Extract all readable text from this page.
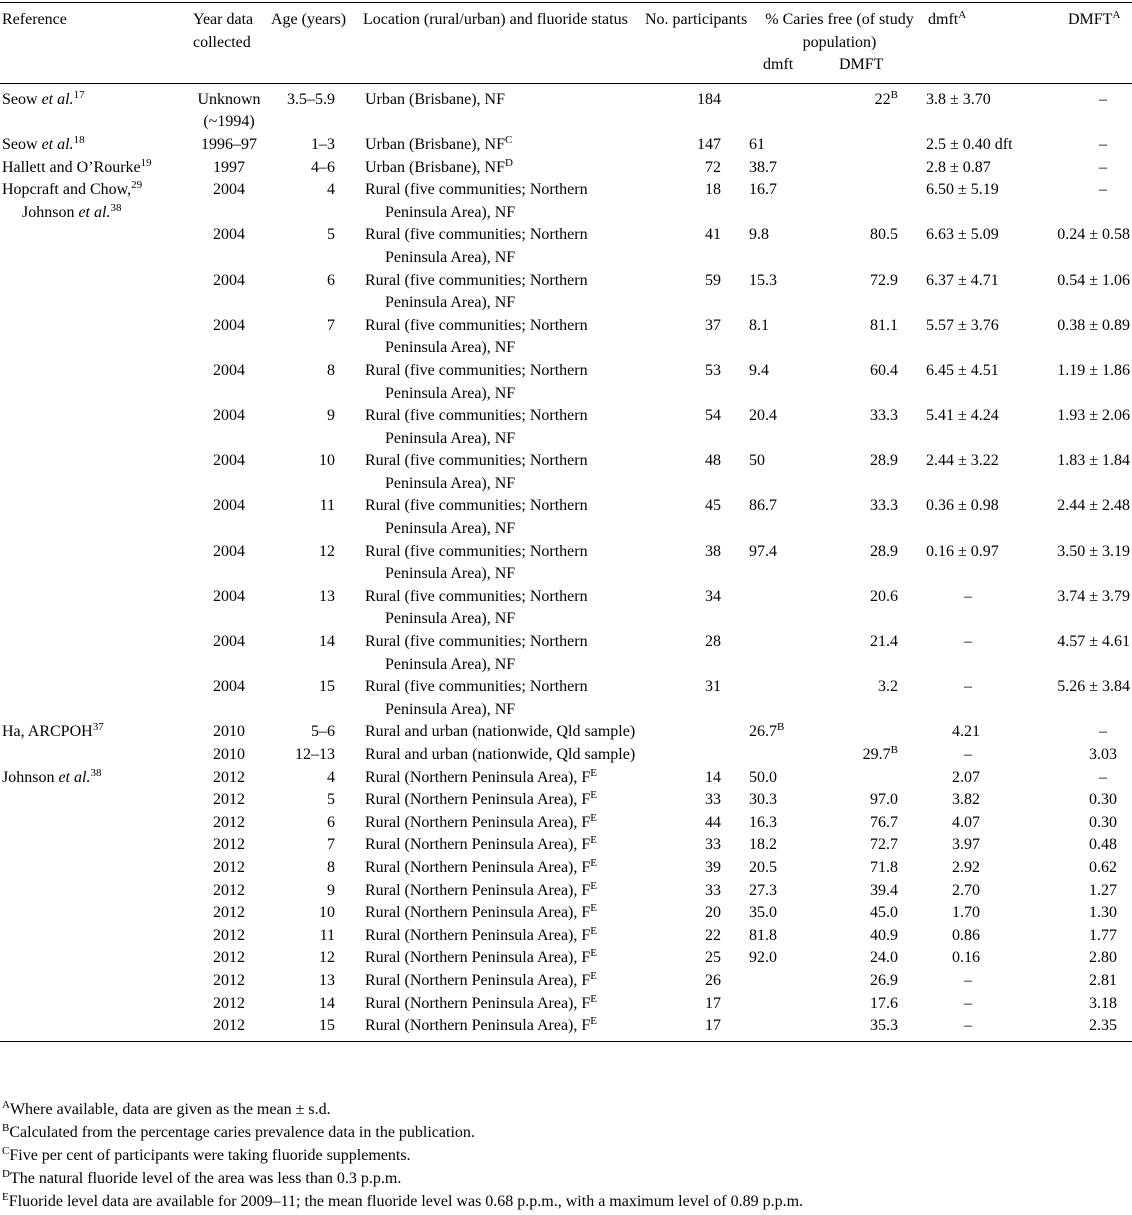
Reference	Year data collected	Age (years)	Location (rural/urban) and fluoride status	No. participants	% Caries free (of study population)		dmft$^A$	$DMFT^A$
					dmft	DMFT		

Seow et al.$^{17}$	Unknown (~1994)	3.5–5.9	Urban (Brisbane), NF	184		$22^B$	3.8 ± 3.70	–

Seow et al.$^{18}$	1996–97	1–3	Urban (Brisbane), $NF^C$	147	61		2.5 ± 0.40 dft	–

Hallett and O’Rourke$^{19}$	1997	4–6	Urban (Brisbane), $NF^D$	72	38.7		2.8 ± 0.87	–

Hopcraft and Chow,$^{29}$ Johnson et al.$^{38}$	2004	4	Rural (five communities; Northern Peninsula Area), NF	18	16.7		6.50 ± 5.19	–
	2004	5	Rural (five communities; Northern Peninsula Area), NF	41	9.8	80.5	6.63 ± 5.09	0.24 ± 0.58
	2004	6	Rural (five communities; Northern Peninsula Area), NF	59	15.3	72.9	6.37 ± 4.71	0.54 ± 1.06
	2004	7	Rural (five communities; Northern Peninsula Area), NF	37	8.1	81.1	5.57 ± 3.76	0.38 ± 0.89
	2004	8	Rural (five communities; Northern Peninsula Area), NF	53	9.4	60.4	6.45 ± 4.51	1.19 ± 1.86
	2004	9	Rural (five communities; Northern Peninsula Area), NF	54	20.4	33.3	5.41 ± 4.24	1.93 ± 2.06
	2004	10	Rural (five communities; Northern Peninsula Area), NF	48	50	28.9	2.44 ± 3.22	1.83 ± 1.84
	2004	11	Rural (five communities; Northern Peninsula Area), NF	45	86.7	33.3	0.36 ± 0.98	2.44 ± 2.48
	2004	12	Rural (five communities; Northern Peninsula Area), NF	38	97.4	28.9	0.16 ± 0.97	3.50 ± 3.19
	2004	13	Rural (five communities; Northern Peninsula Area), NF	34		20.6	–	3.74 ± 3.79
	2004	14	Rural (five communities; Northern Peninsula Area), NF	28		21.4	–	4.57 ± 4.61
	2004	15	Rural (five communities; Northern Peninsula Area), NF	31		3.2	–	5.26 ± 3.84

Ha, ARCPOH$^{37}$	2010	5–6	Rural and urban (nationwide, Qld sample)		$26.7^B$		4.21	–
	2010	12–13	Rural and urban (nationwide, Qld sample)			$29.7^B$	–	3.03

Johnson et al.$^{38}$	2012	4	Rural (Northern Peninsula Area), $F^E$	14	50.0		2.07	–
	2012	5	Rural (Northern Peninsula Area), $F^E$	33	30.3	97.0	3.82	0.30
	2012	6	Rural (Northern Peninsula Area), $F^E$	44	16.3	76.7	4.07	0.30
	2012	7	Rural (Northern Peninsula Area), $F^E$	33	18.2	72.7	3.97	0.48
	2012	8	Rural (Northern Peninsula Area), $F^E$	39	20.5	71.8	2.92	0.62
	2012	9	Rural (Northern Peninsula Area), $F^E$	33	27.3	39.4	2.70	1.27
	2012	10	Rural (Northern Peninsula Area), $F^E$	20	35.0	45.0	1.70	1.30
	2012	11	Rural (Northern Peninsula Area), $F^E$	22	81.8	40.9	0.86	1.77
	2012	12	Rural (Northern Peninsula Area), $F^E$	25	92.0	24.0	0.16	2.80
	2012	13	Rural (Northern Peninsula Area), $F^E$	26		26.9	–	2.81
	2012	14	Rural (Northern Peninsula Area), $F^E$	17		17.6	–	3.18
	2012	15	Rural (Northern Peninsula Area), $F^E$	17		35.3	–	2.35
$^A$Where available, data are given as the mean ± s.d.
$^B$Calculated from the percentage caries prevalence data in the publication.
$^C$Five per cent of participants were taking fluoride supplements.
$^D$The natural fluoride level of the area was less than 0.3 p.p.m.
$^E$Fluoride level data are available for 2009–11; the mean fluoride level was 0.68 p.p.m., with a maximum level of 0.89 p.p.m.
